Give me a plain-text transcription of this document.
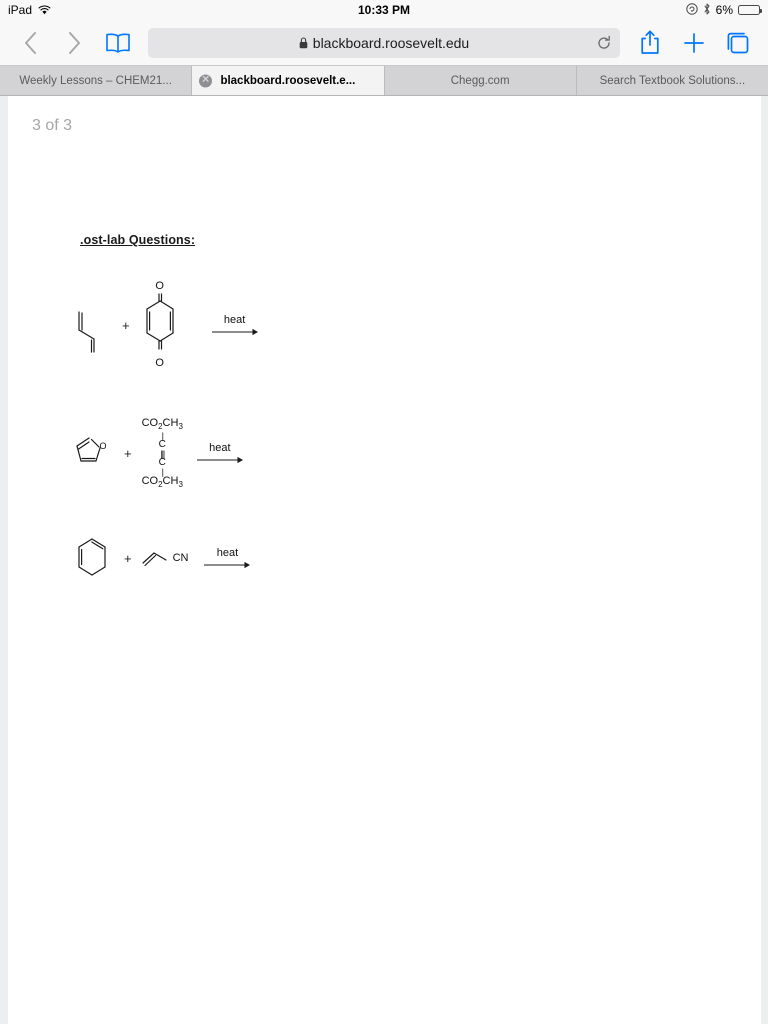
iPad	10:33 PM	6%
blackboard.roosevelt.edu
Weekly Lessons – CHEM21...	✕ blackboard.roosevelt.e...	Chegg.com	Search Textbook Solutions...
3 of 3
.ost-lab Questions:
+
O
O
heat
O
+
$CO_2CH_3$
|
C
|||
C
|
$CO_2CH_3$
heat
+	CN	heat
